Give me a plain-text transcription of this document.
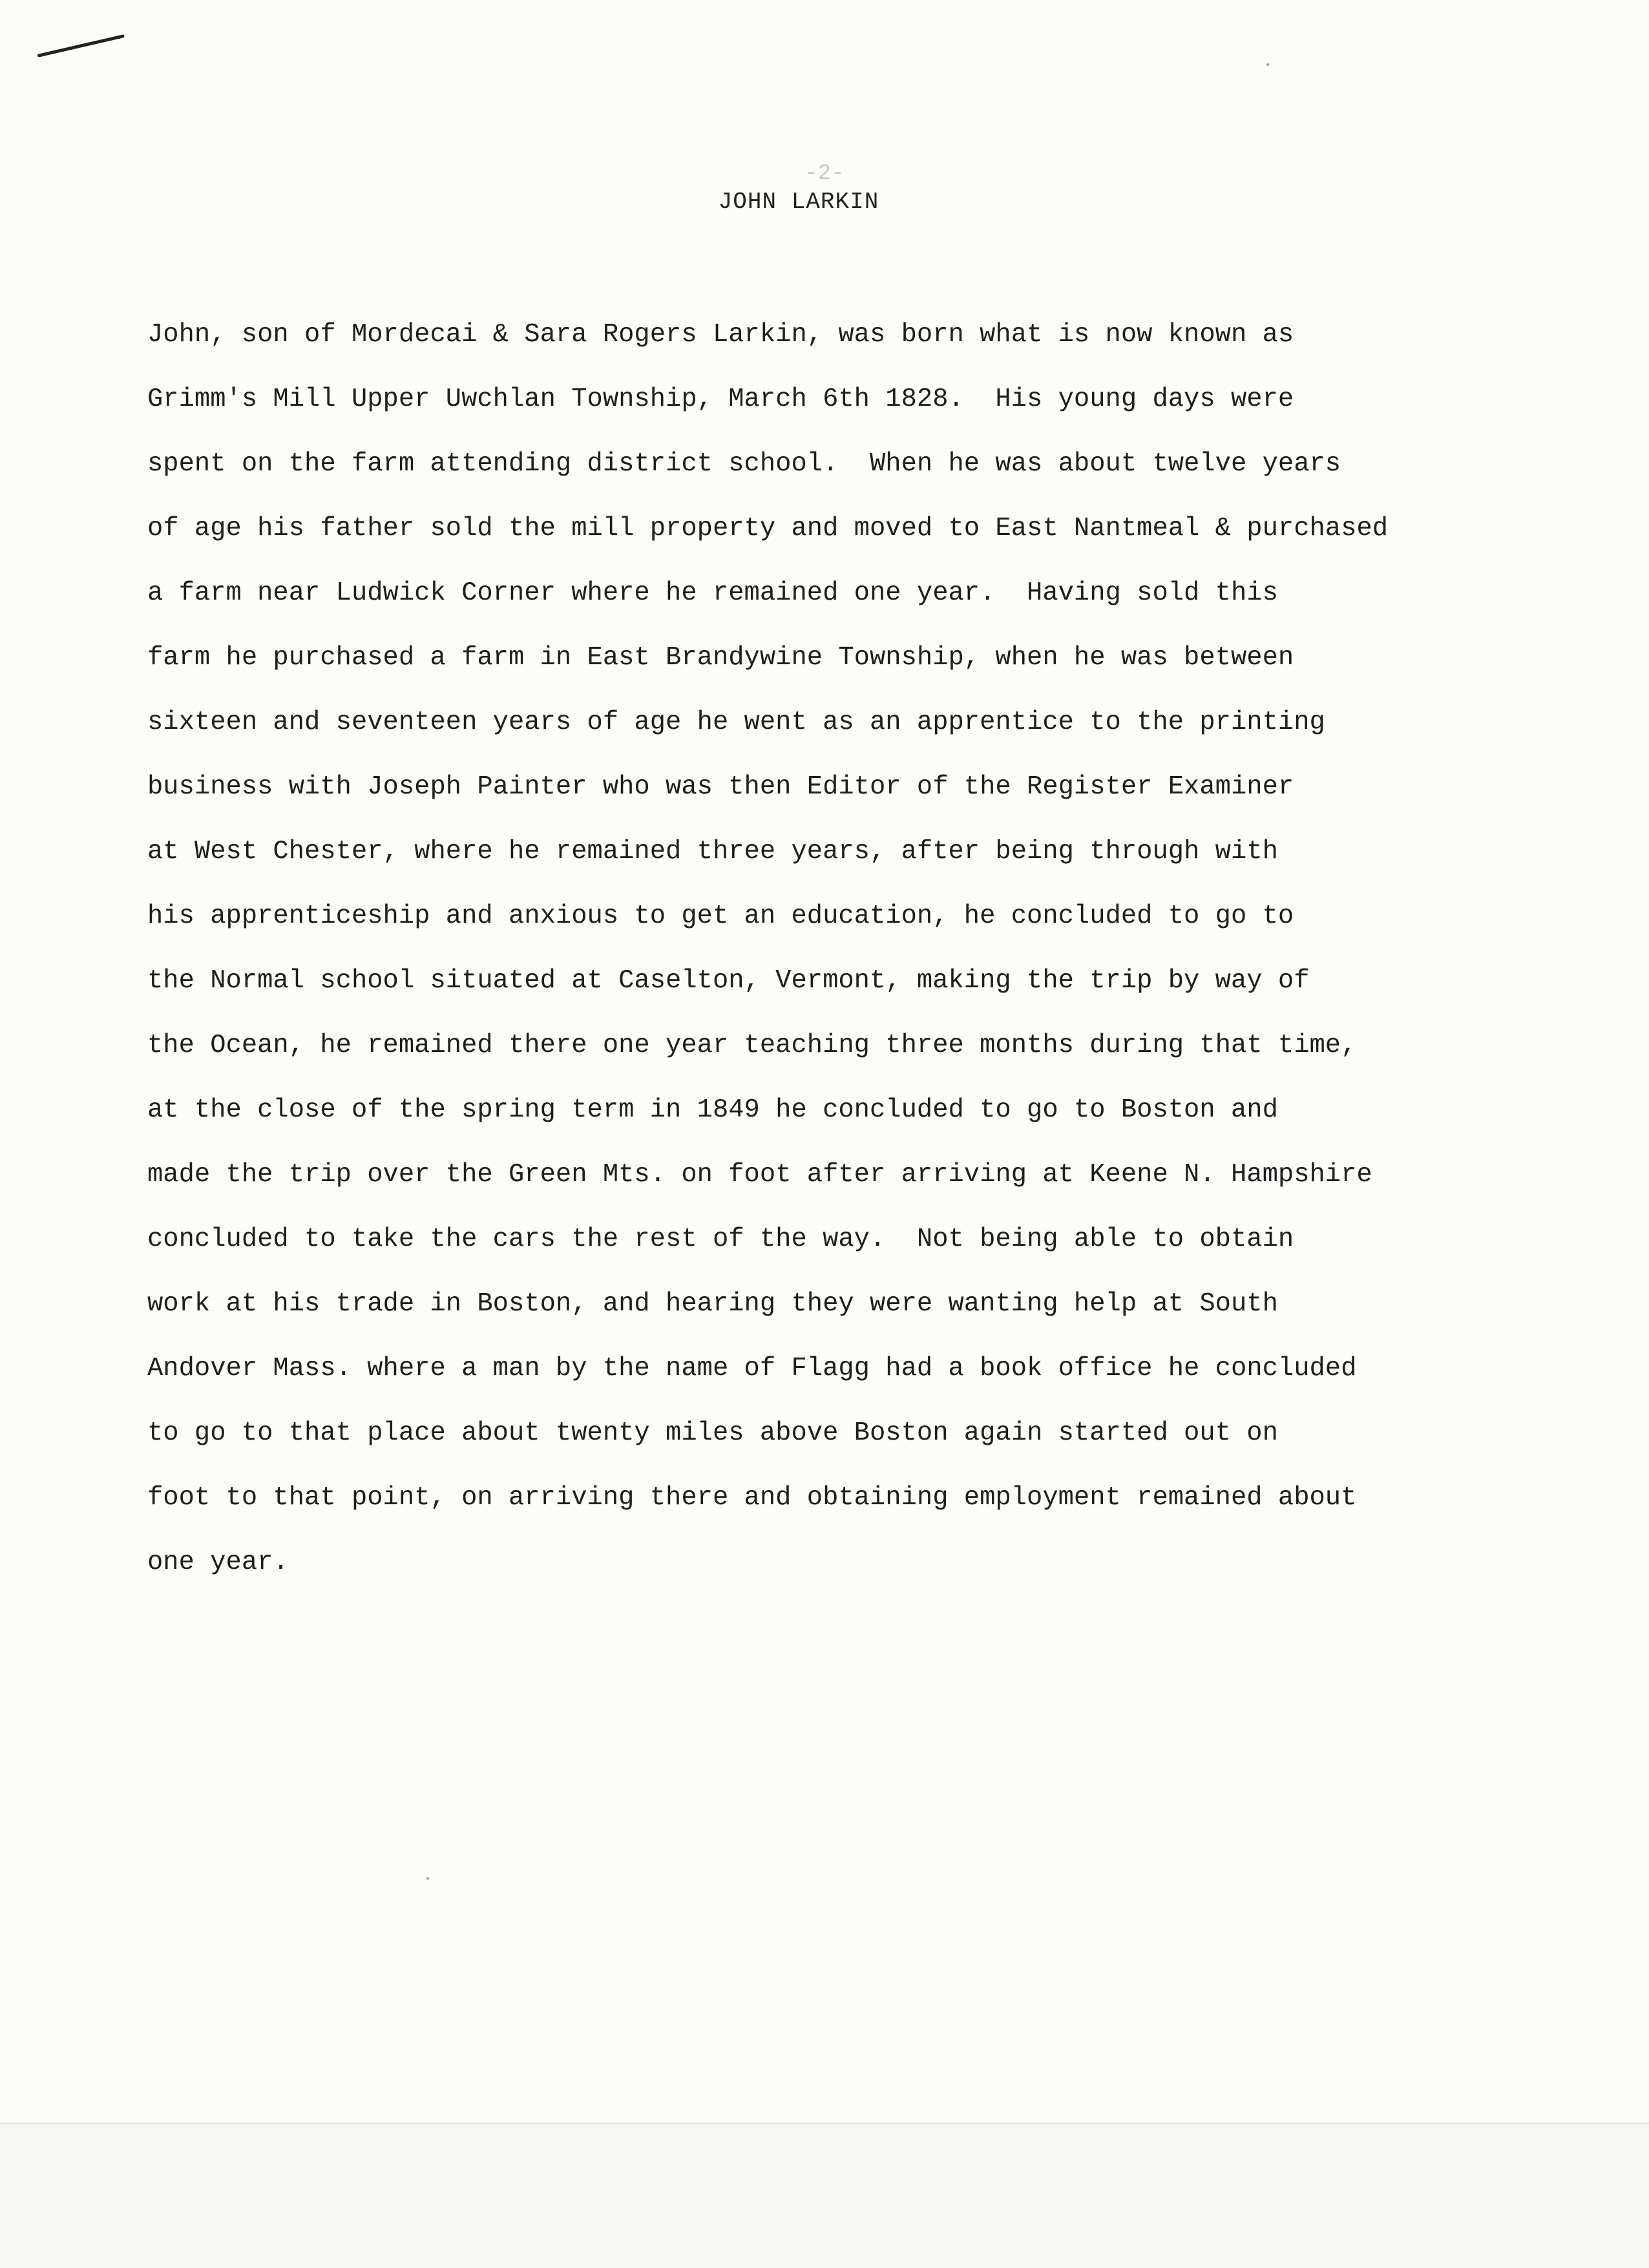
-2-
JOHN LARKIN
John, son of Mordecai & Sara Rogers Larkin, was born what is now known as
Grimm's Mill Upper Uwchlan Township, March 6th 1828.  His young days were
spent on the farm attending district school.  When he was about twelve years
of age his father sold the mill property and moved to East Nantmeal & purchased
a farm near Ludwick Corner where he remained one year.  Having sold this
farm he purchased a farm in East Brandywine Township, when he was between
sixteen and seventeen years of age he went as an apprentice to the printing
business with Joseph Painter who was then Editor of the Register Examiner
at West Chester, where he remained three years, after being through with
his apprenticeship and anxious to get an education, he concluded to go to
the Normal school situated at Caselton, Vermont, making the trip by way of
the Ocean, he remained there one year teaching three months during that time,
at the close of the spring term in 1849 he concluded to go to Boston and
made the trip over the Green Mts. on foot after arriving at Keene N. Hampshire
concluded to take the cars the rest of the way.  Not being able to obtain
work at his trade in Boston, and hearing they were wanting help at South
Andover Mass. where a man by the name of Flagg had a book office he concluded
to go to that place about twenty miles above Boston again started out on
foot to that point, on arriving there and obtaining employment remained about
one year.
